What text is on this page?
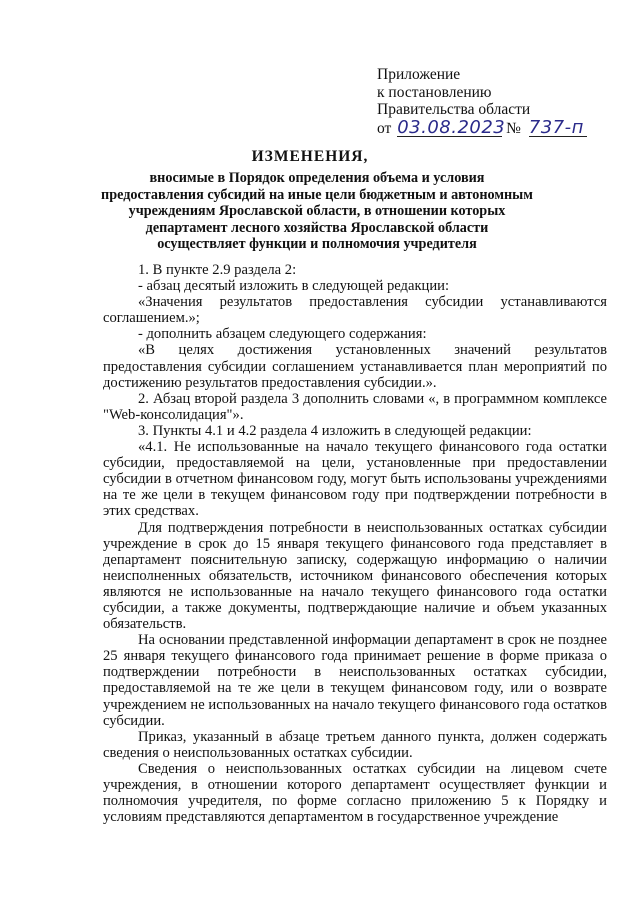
Приложение
к постановлению
Правительства области
от 03.08.2023 № 737-п
ИЗМЕНЕНИЯ,
вносимые в Порядок определения объема и условия предоставления субсидий на иные цели бюджетным и автономным учреждениям Ярославской области, в отношении которых департамент лесного хозяйства Ярославской области осуществляет функции и полномочия учредителя

1. В пункте 2.9 раздела 2:

- абзац десятый изложить в следующей редакции:

«Значения результатов предоставления субсидии устанавливаются соглашением.»;

- дополнить абзацем следующего содержания:

«В целях достижения установленных значений результатов предоставления субсидии соглашением устанавливается план мероприятий по достижению результатов предоставления субсидии.».

2. Абзац второй раздела 3 дополнить словами «, в программном комплексе "Web-консолидация"».

3. Пункты 4.1 и 4.2 раздела 4 изложить в следующей редакции:

«4.1. Не использованные на начало текущего финансового года остатки субсидии, предоставляемой на цели, установленные при предоставлении субсидии в отчетном финансовом году, могут быть использованы учреждениями на те же цели в текущем финансовом году при подтверждении потребности в этих средствах.

Для подтверждения потребности в неиспользованных остатках субсидии учреждение в срок до 15 января текущего финансового года представляет в департамент пояснительную записку, содержащую информацию о наличии неисполненных обязательств, источником финансового обеспечения которых являются не использованные на начало текущего финансового года остатки субсидии, а также документы, подтверждающие наличие и объем указанных обязательств.

На основании представленной информации департамент в срок не позднее 25 января текущего финансового года принимает решение в форме приказа о подтверждении потребности в неиспользованных остатках субсидии, предоставляемой на те же цели в текущем финансовом году, или о возврате учреждением не использованных на начало текущего финансового года остатков субсидии.

Приказ, указанный в абзаце третьем данного пункта, должен содержать сведения о неиспользованных остатках субсидии.

Сведения о неиспользованных остатках субсидии на лицевом счете учреждения, в отношении которого департамент осуществляет функции и полномочия учредителя, по форме согласно приложению 5 к Порядку и условиям представляются департаментом в государственное учреждение
